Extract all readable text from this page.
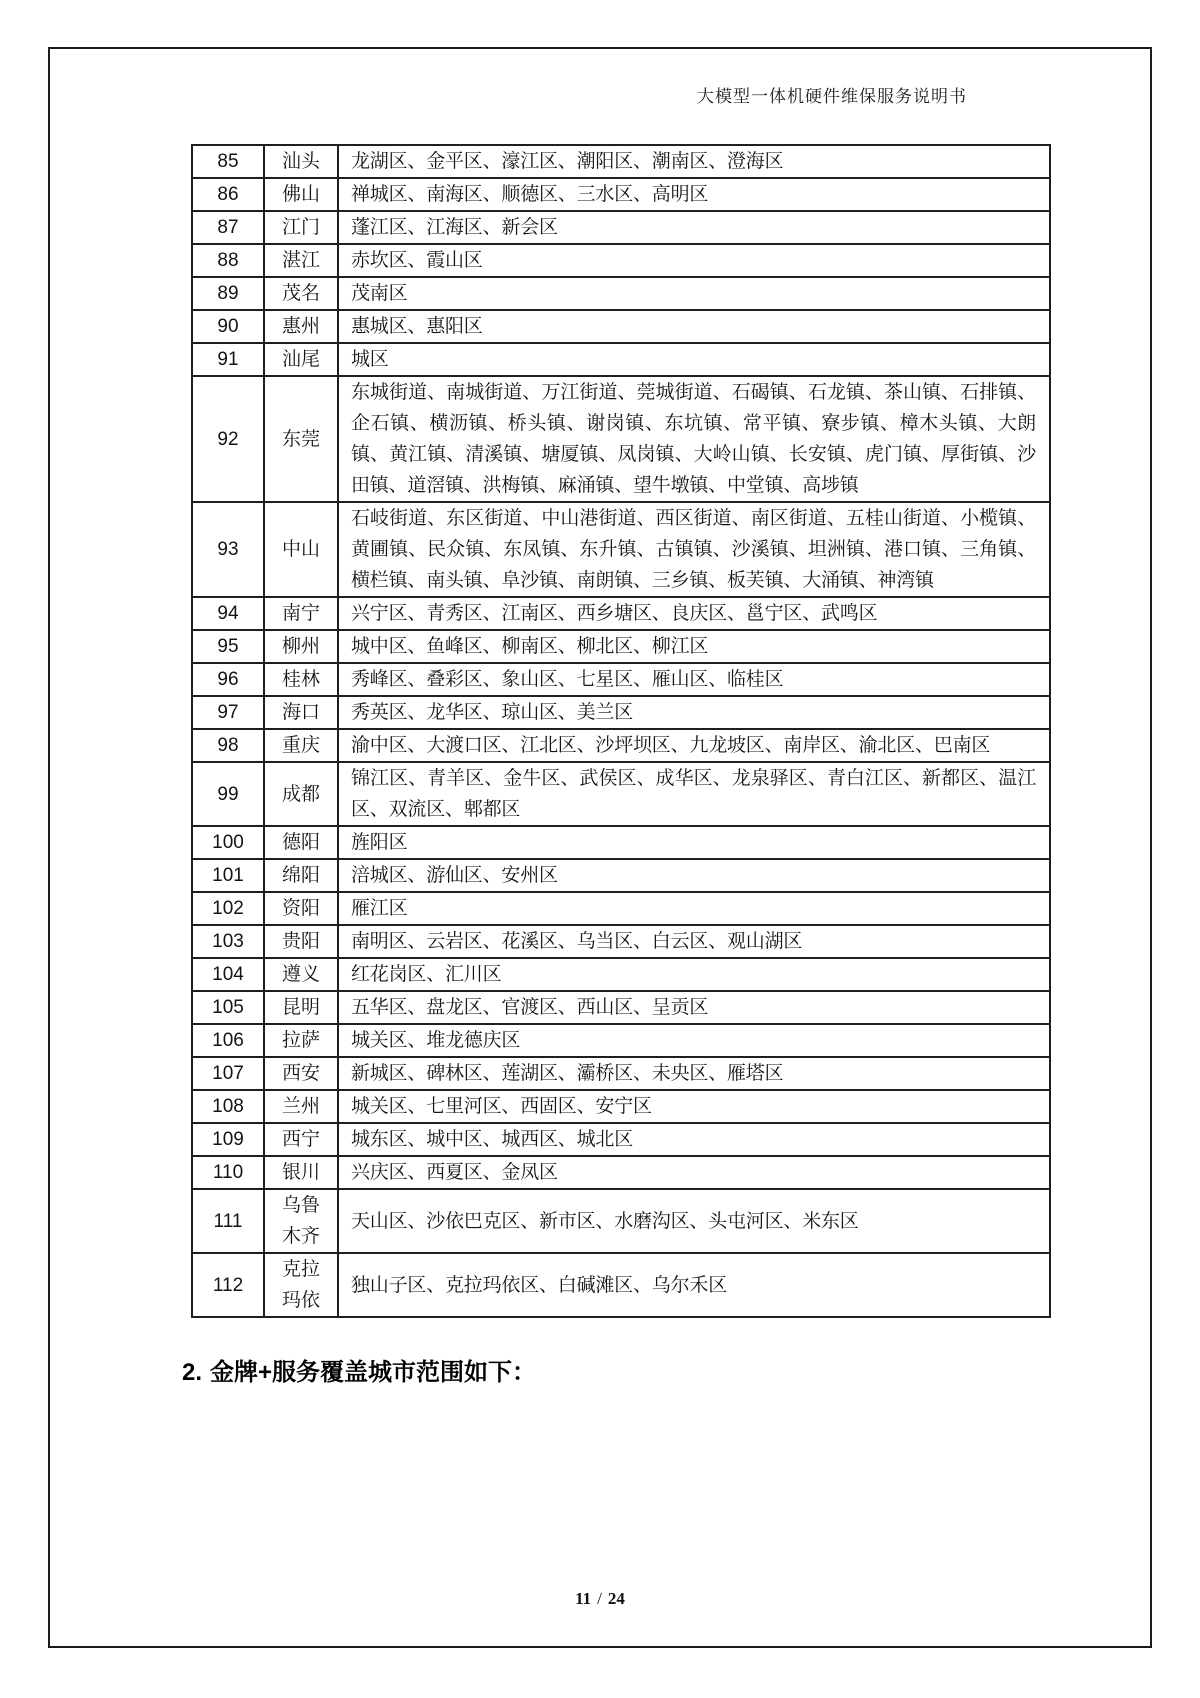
大模型一体机硬件维保服务说明书
85	汕头	龙湖区、金平区、濠江区、潮阳区、潮南区、澄海区
86	佛山	禅城区、南海区、顺德区、三水区、高明区
87	江门	蓬江区、江海区、新会区
88	湛江	赤坎区、霞山区
89	茂名	茂南区
90	惠州	惠城区、惠阳区
91	汕尾	城区
92	东莞	东城街道、南城街道、万江街道、莞城街道、石碣镇、石龙镇、茶山镇、石排镇、企石镇、横沥镇、桥头镇、谢岗镇、东坑镇、常平镇、寮步镇、樟木头镇、大朗镇、黄江镇、清溪镇、塘厦镇、凤岗镇、大岭山镇、长安镇、虎门镇、厚街镇、沙田镇、道滘镇、洪梅镇、麻涌镇、望牛墩镇、中堂镇、高埗镇
93	中山	石岐街道、东区街道、中山港街道、西区街道、南区街道、五桂山街道、小榄镇、黄圃镇、民众镇、东凤镇、东升镇、古镇镇、沙溪镇、坦洲镇、港口镇、三角镇、横栏镇、南头镇、阜沙镇、南朗镇、三乡镇、板芙镇、大涌镇、神湾镇
94	南宁	兴宁区、青秀区、江南区、西乡塘区、良庆区、邕宁区、武鸣区
95	柳州	城中区、鱼峰区、柳南区、柳北区、柳江区
96	桂林	秀峰区、叠彩区、象山区、七星区、雁山区、临桂区
97	海口	秀英区、龙华区、琼山区、美兰区
98	重庆	渝中区、大渡口区、江北区、沙坪坝区、九龙坡区、南岸区、渝北区、巴南区
99	成都	锦江区、青羊区、金牛区、武侯区、成华区、龙泉驿区、青白江区、新都区、温江区、双流区、郫都区
100	德阳	旌阳区
101	绵阳	涪城区、游仙区、安州区
102	资阳	雁江区
103	贵阳	南明区、云岩区、花溪区、乌当区、白云区、观山湖区
104	遵义	红花岗区、汇川区
105	昆明	五华区、盘龙区、官渡区、西山区、呈贡区
106	拉萨	城关区、堆龙德庆区
107	西安	新城区、碑林区、莲湖区、灞桥区、未央区、雁塔区
108	兰州	城关区、七里河区、西固区、安宁区
109	西宁	城东区、城中区、城西区、城北区
110	银川	兴庆区、西夏区、金凤区
111	乌鲁木齐	天山区、沙依巴克区、新市区、水磨沟区、头屯河区、米东区
112	克拉玛依	独山子区、克拉玛依区、白碱滩区、乌尔禾区
2. 金牌+服务覆盖城市范围如下：
11 / 24
